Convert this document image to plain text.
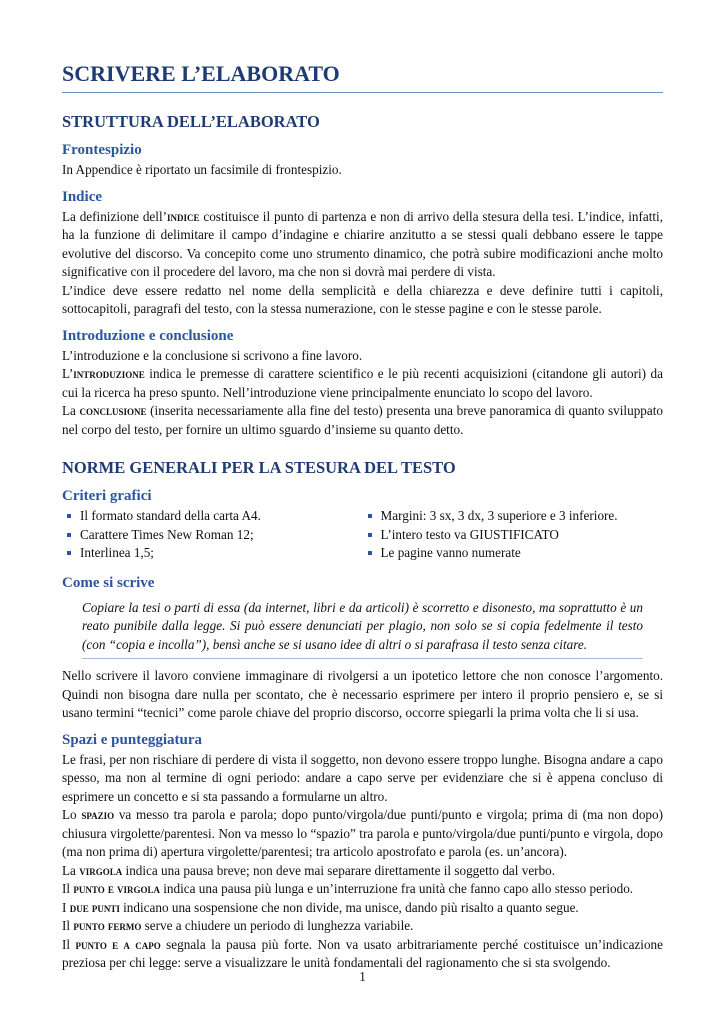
SCRIVERE L’ELABORATO
STRUTTURA DELL’ELABORATO
Frontespizio

In Appendice è riportato un facsimile di frontespizio.

Indice

La definizione dell’indice costituisce il punto di partenza e non di arrivo della stesura della tesi. L’indice, infatti, ha la funzione di delimitare il campo d’indagine e chiarire anzitutto a se stessi quali debbano essere le tappe evolutive del discorso. Va concepito come uno strumento dinamico, che potrà subire modificazioni anche molto significative con il procedere del lavoro, ma che non si dovrà mai perdere di vista.

L’indice deve essere redatto nel nome della semplicità e della chiarezza e deve definire tutti i capitoli, sottocapitoli, paragrafi del testo, con la stessa numerazione, con le stesse pagine e con le stesse parole.

Introduzione e conclusione

L’introduzione e la conclusione si scrivono a fine lavoro.

L’introduzione indica le premesse di carattere scientifico e le più recenti acquisizioni (citandone gli autori) da cui la ricerca ha preso spunto. Nell’introduzione viene principalmente enunciato lo scopo del lavoro.

La conclusione (inserita necessariamente alla fine del testo) presenta una breve panoramica di quanto sviluppato nel corpo del testo, per fornire un ultimo sguardo d’insieme su quanto detto.

NORME GENERALI PER LA STESURA DEL TESTO
Criteri grafici
Il formato standard della carta A4.
Carattere Times New Roman 12;
Interlinea 1,5;
Margini: 3 sx, 3 dx, 3 superiore e 3 inferiore.
L’intero testo va GIUSTIFICATO
Le pagine vanno numerate
Come si scrive

Copiare la tesi o parti di essa (da internet, libri e da articoli) è scorretto e disonesto, ma soprattutto è un reato punibile dalla legge. Si può essere denunciati per plagio, non solo se si copia fedelmente il testo (con “copia e incolla”), bensì anche se si usano idee di altri o si parafrasa il testo senza citare.

Nello scrivere il lavoro conviene immaginare di rivolgersi a un ipotetico lettore che non conosce l’argomento. Quindi non bisogna dare nulla per scontato, che è necessario esprimere per intero il proprio pensiero e, se si usano termini “tecnici” come parole chiave del proprio discorso, occorre spiegarli la prima volta che li si usa.

Spazi e punteggiatura

Le frasi, per non rischiare di perdere di vista il soggetto, non devono essere troppo lunghe. Bisogna andare a capo spesso, ma non al termine di ogni periodo: andare a capo serve per evidenziare che si è appena concluso di esprimere un concetto e si sta passando a formularne un altro.

Lo spazio va messo tra parola e parola; dopo punto/virgola/due punti/punto e virgola; prima di (ma non dopo) chiusura virgolette/parentesi. Non va messo lo “spazio” tra parola e punto/virgola/due punti/punto e virgola, dopo (ma non prima di) apertura virgolette/parentesi; tra articolo apostrofato e parola (es. un’ancora).

La virgola indica una pausa breve; non deve mai separare direttamente il soggetto dal verbo.

Il punto e virgola indica una pausa più lunga e un’interruzione fra unità che fanno capo allo stesso periodo.

I due punti indicano una sospensione che non divide, ma unisce, dando più risalto a quanto segue.

Il punto fermo serve a chiudere un periodo di lunghezza variabile.

Il punto e a capo segnala la pausa più forte. Non va usato arbitrariamente perché costituisce un’indicazione preziosa per chi legge: serve a visualizzare le unità fondamentali del ragionamento che si sta svolgendo.

1
